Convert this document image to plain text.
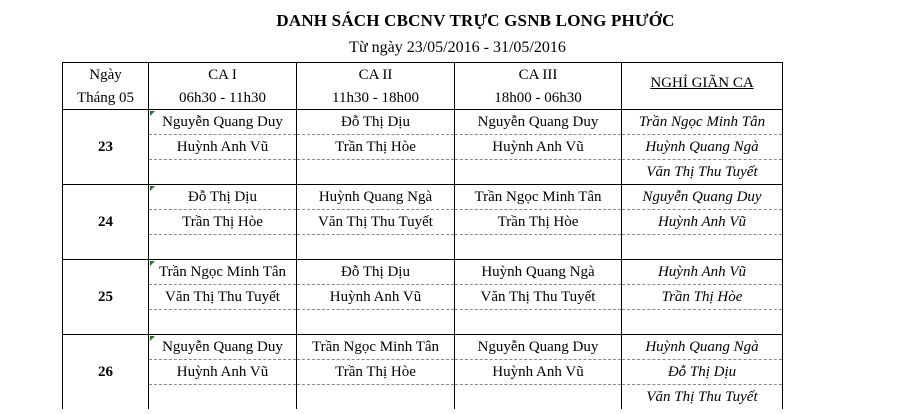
DANH SÁCH CBCNV TRỰC GSNB LONG PHƯỚC
Từ ngày 23/05/2016 - 31/05/2016
Ngày	CA I	CA II	CA III	NGHỈ GIÃN CA
Tháng 05	06h30 - 11h30	11h30 - 18h00	18h00 - 06h30	
23	Nguyễn Quang Duy	Đỗ Thị Dịu	Nguyễn Quang Duy	Trần Ngọc Minh Tân
	Huỳnh Anh Vũ	Trần Thị Hòe	Huỳnh Anh Vũ	Huỳnh Quang Ngà
				Văn Thị Thu Tuyết
24	Đỗ Thị Dịu	Huỳnh Quang Ngà	Trần Ngọc Minh Tân	Nguyễn Quang Duy
	Trần Thị Hòe	Văn Thị Thu Tuyết	Trần Thị Hòe	Huỳnh Anh Vũ

25	Trần Ngọc Minh Tân	Đỗ Thị Dịu	Huỳnh Quang Ngà	Huỳnh Anh Vũ
	Văn Thị Thu Tuyết	Huỳnh Anh Vũ	Văn Thị Thu Tuyết	Trần Thị Hòe

26	Nguyễn Quang Duy	Trần Ngọc Minh Tân	Nguyễn Quang Duy	Huỳnh Quang Ngà
	Huỳnh Anh Vũ	Trần Thị Hòe	Huỳnh Anh Vũ	Đỗ Thị Dịu
				Văn Thị Thu Tuyết
